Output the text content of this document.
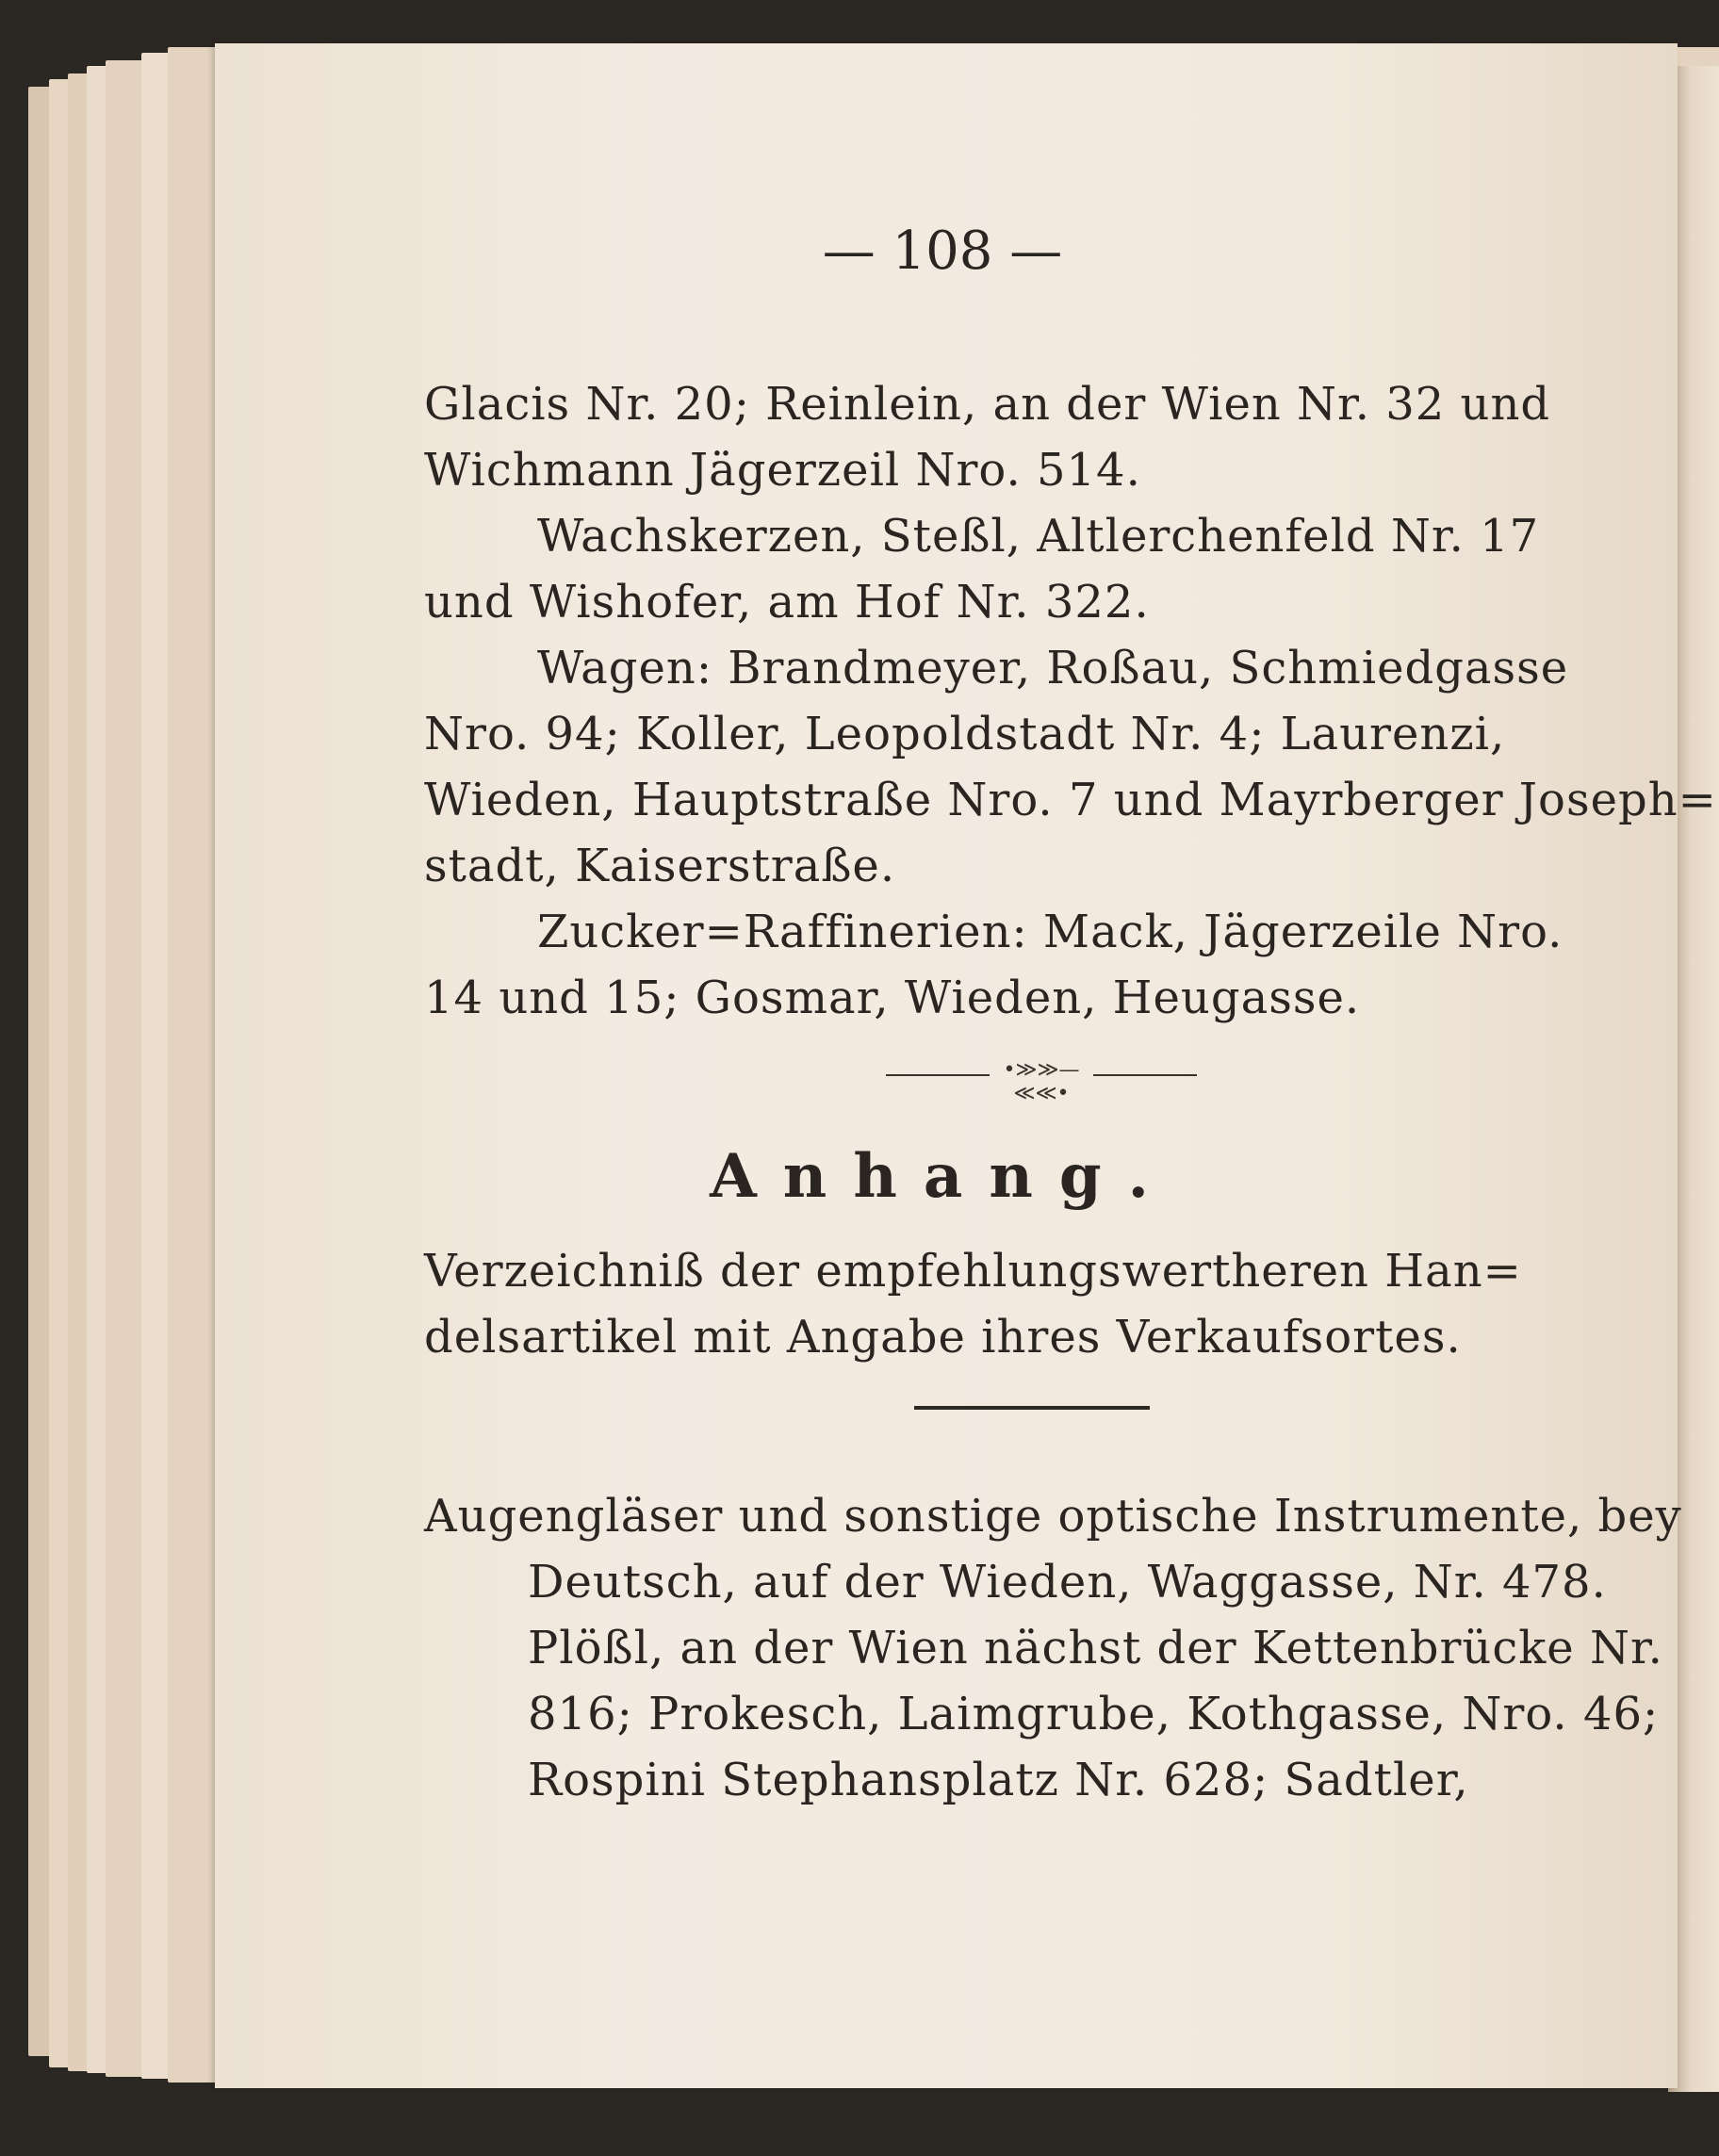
— 108 —
Glacis Nr. 20; Reinlein, an der Wien Nr. 32 und
Wichmann Jägerzeil Nro. 514.
Wachskerzen, Steßl, Altlerchenfeld Nr. 17
und Wishofer, am Hof Nr. 322.
Wagen: Brandmeyer, Roßau, Schmiedgasse
Nro. 94; Koller, Leopoldstadt Nr. 4; Laurenzi,
Wieden, Hauptstraße Nro. 7 und Mayrberger Joseph=
stadt, Kaiserstraße.
Zucker=Raffinerien: Mack, Jägerzeile Nro.
14 und 15; Gosmar, Wieden, Heugasse.
•≫≫—≪≪•
Anhang.
Verzeichniß der empfehlungswertheren Han=
delsartikel mit Angabe ihres Verkaufsortes.
Augengläser und sonstige optische Instrumente, bey
Deutsch, auf der Wieden, Waggasse, Nr. 478.
Plößl, an der Wien nächst der Kettenbrücke Nr.
816; Prokesch, Laimgrube, Kothgasse, Nro. 46;
Rospini Stephansplatz Nr. 628; Sadtler,
